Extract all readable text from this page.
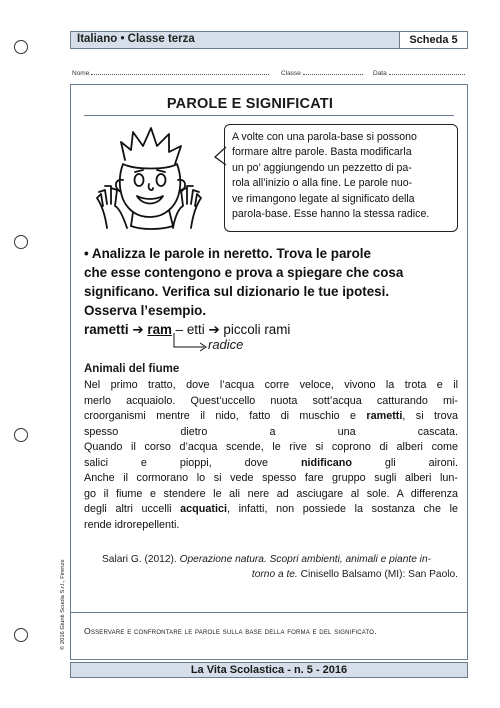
Italiano • Classe terza	Scheda 5
Nome	Classe	Data
PAROLE E SIGNIFICATI
A volte con una parola-base si possono
formare altre parole. Basta modificarla
un po’ aggiungendo un pezzetto di pa-
rola all’inizio o alla fine. Le parole nuo-
ve rimangono legate al significato della
parola-base. Esse hanno la stessa radice.
• Analizza le parole in neretto. Trova le parole
che esse contengono e prova a spiegare che cosa
significano. Verifica sul dizionario le tue ipotesi.
Osserva l’esempio.
rametti ➔ ram – etti ➔ piccoli rami
radice
Animali del fiume

Nel primo tratto, dove l’acqua corre veloce, vivono la trota e il

merlo acquaiolo. Quest’uccello nuota sott’acqua catturando mi-

croorganismi mentre il nido, fatto di muschio e rametti, si trova

spesso dietro a una cascata.

Quando il corso d’acqua scende, le rive si coprono di alberi come

salici e pioppi, dove nidificano gli aironi.

Anche il cormorano lo si vede spesso fare gruppo sugli alberi lun-

go il fiume e stendere le ali nere ad asciugare al sole. A differenza

degli altri uccelli acquatici, infatti, non possiede la sostanza che le

rende idrorepellenti.

Salari G. (2012). Operazione natura. Scopri ambienti, animali e piante in-
torno a te. Cinisello Balsamo (MI): San Paolo.
Osservare e confrontare le parole sulla base della forma e del significato.
La Vita Scolastica - n. 5 - 2016
© 2016 Giunti Scuola S.r.l., Firenze
